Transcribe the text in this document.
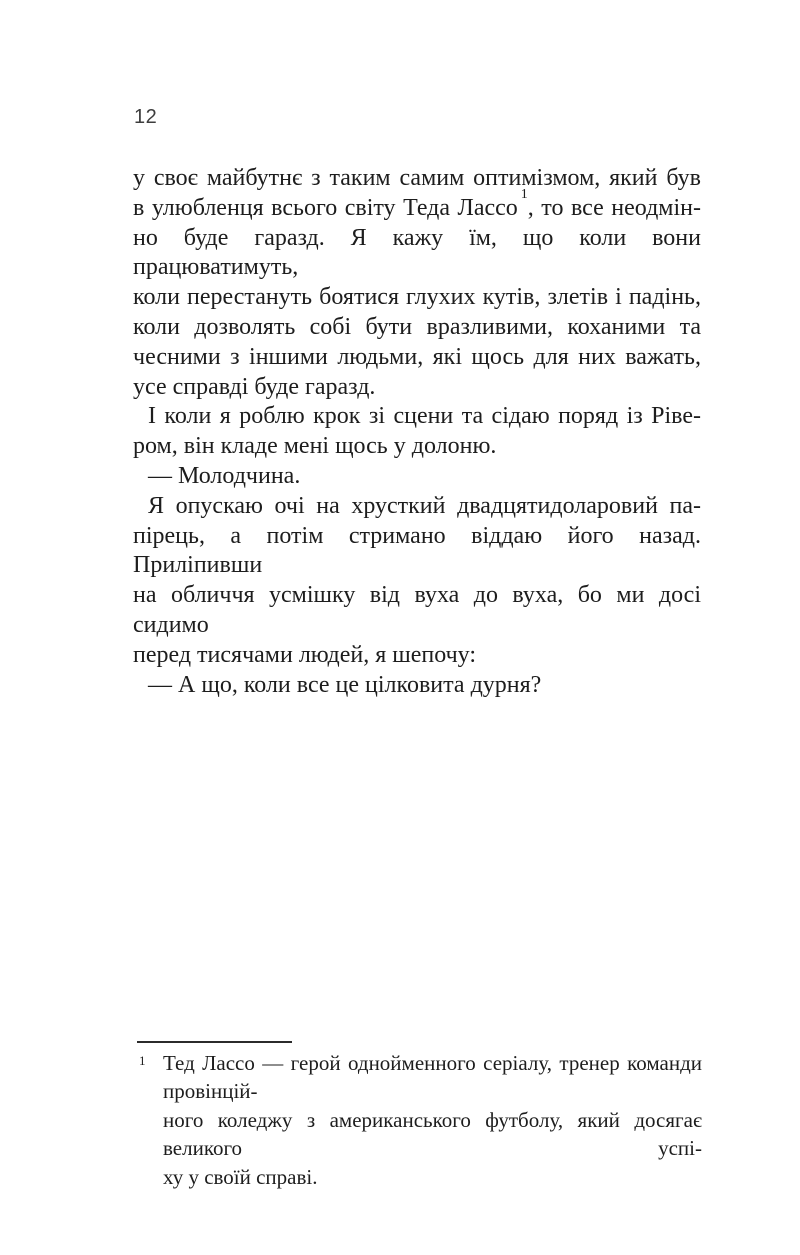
12
у своє майбутнє з таким самим оптимізмом, який був
в улюбленця всього світу Теда Лассо$^1$, то все неодмін-
но буде гаразд. Я кажу їм, що коли вони працюватимуть,
коли перестануть боятися глухих кутів, злетів і падінь,
коли дозволять собі бути вразливими, коханими та
чесними з іншими людьми, які щось для них важать,
усе справді буде гаразд.
І коли я роблю крок зі сцени та сідаю поряд із Ріве-
ром, він кладе мені щось у долоню.
— Молодчина.
Я опускаю очі на хрусткий двадцятидоларовий па-
пірець, а потім стримано віддаю його назад. Приліпивши
на обличчя усмішку від вуха до вуха, бо ми досі сидимо
перед тисячами людей, я шепочу:
— А що, коли все це цілковита дурня?
1 Тед Лассо — герой однойменного серіалу, тренер команди провінцій-
ного коледжу з американського футболу, який досягає великого успі-
ху у своїй справі.
